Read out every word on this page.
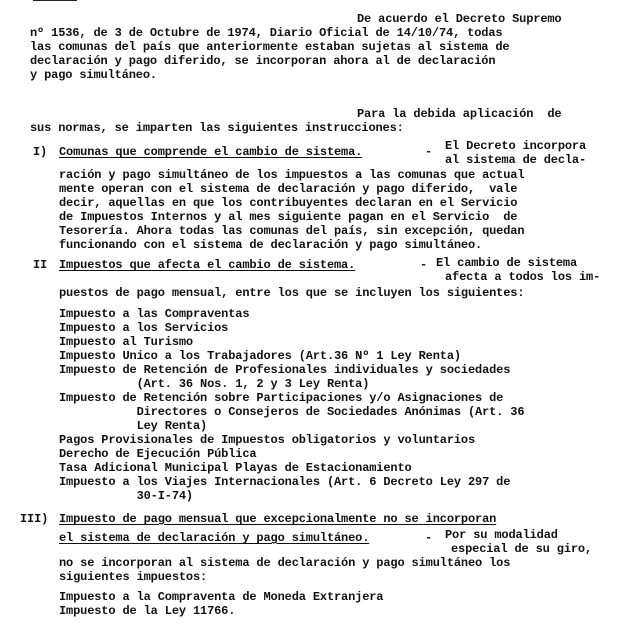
De acuerdo el Decreto Supremo
nº 1536, de 3 de Octubre de 1974, Diario Oficial de 14/10/74, todas
las comunas del país que anteriormente estaban sujetas al sistema de
declaración y pago diferido, se incorporan ahora al de declaración
y pago simultáneo.
Para la debida aplicación  de
sus normas, se imparten las siguientes instrucciones:
I) Comunas que comprende el cambio de sistema.	- El Decreto incorpora
al sistema de decla-
ración y pago simultáneo de los impuestos a las comunas que actual
mente operan con el sistema de declaración y pago diferido,  vale
decir, aquellas en que los contribuyentes declaran en el Servicio
de Impuestos Internos y al mes siguiente pagan en el Servicio  de
Tesorería. Ahora todas las comunas del país, sin excepción, quedan
funcionando con el sistema de declaración y pago simultáneo.
II Impuestos que afecta el cambio de sistema.	- El cambio de sistema
afecta a todos los im-
puestos de pago mensual, entre los que se incluyen los siguientes:
Impuesto a las Compraventas
Impuesto a los Servicios
Impuesto al Turismo
Impuesto Unico a los Trabajadores (Art.36 Nº 1 Ley Renta)
Impuesto de Retención de Profesionales individuales y sociedades
(Art. 36 Nos. 1, 2 y 3 Ley Renta)
Impuesto de Retención sobre Participaciones y/o Asignaciones de
Directores o Consejeros de Sociedades Anónimas (Art. 36
Ley Renta)
Pagos Provisionales de Impuestos obligatorios y voluntarios
Derecho de Ejecución Pública
Tasa Adicional Municipal Playas de Estacionamiento
Impuesto a los Viajes Internacionales (Art. 6 Decreto Ley 297 de
30-I-74)
III) Impuesto de pago mensual que excepcionalmente no se incorporan
el sistema de declaración y pago simultáneo.	- Por su modalidad
especial de su giro,
no se incorporan al sistema de declaración y pago simultáneo los
siguientes impuestos:
Impuesto a la Compraventa de Moneda Extranjera
Impuesto de la Ley 11766.
